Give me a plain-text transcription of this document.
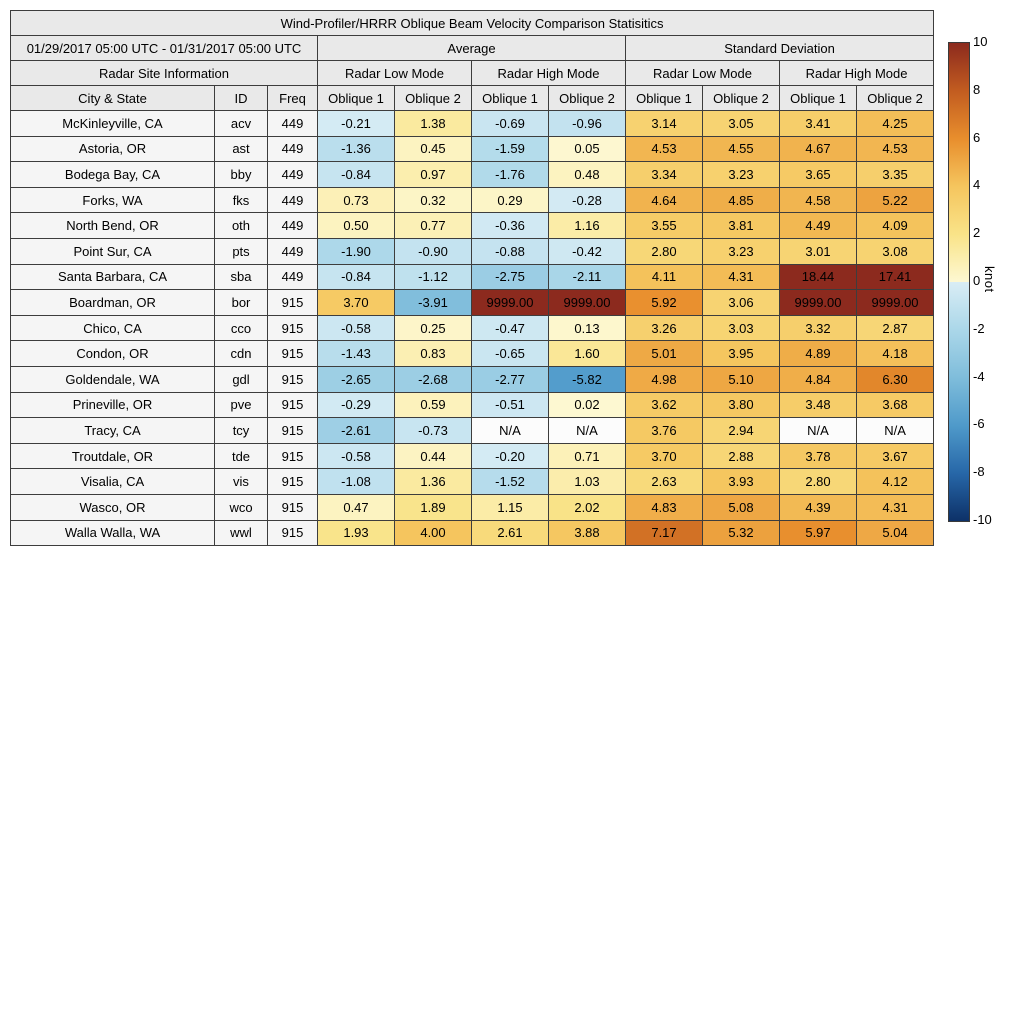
Wind-Profiler/HRRR Oblique Beam Velocity Comparison Statisitics										
01/29/2017 05:00 UTC - 01/31/2017 05:00 UTC			Average				Standard Deviation			
Radar Site Information			Radar Low Mode		Radar High Mode		Radar Low Mode		Radar High Mode	
City & State	ID	Freq	Oblique 1	Oblique 2	Oblique 1	Oblique 2	Oblique 1	Oblique 2	Oblique 1	Oblique 2
McKinleyville, CA	acv	449	-0.21	1.38	-0.69	-0.96	3.14	3.05	3.41	4.25
Astoria, OR	ast	449	-1.36	0.45	-1.59	0.05	4.53	4.55	4.67	4.53
Bodega Bay, CA	bby	449	-0.84	0.97	-1.76	0.48	3.34	3.23	3.65	3.35
Forks, WA	fks	449	0.73	0.32	0.29	-0.28	4.64	4.85	4.58	5.22
North Bend, OR	oth	449	0.50	0.77	-0.36	1.16	3.55	3.81	4.49	4.09
Point Sur, CA	pts	449	-1.90	-0.90	-0.88	-0.42	2.80	3.23	3.01	3.08
Santa Barbara, CA	sba	449	-0.84	-1.12	-2.75	-2.11	4.11	4.31	18.44	17.41
Boardman, OR	bor	915	3.70	-3.91	9999.00	9999.00	5.92	3.06	9999.00	9999.00
Chico, CA	cco	915	-0.58	0.25	-0.47	0.13	3.26	3.03	3.32	2.87
Condon, OR	cdn	915	-1.43	0.83	-0.65	1.60	5.01	3.95	4.89	4.18
Goldendale, WA	gdl	915	-2.65	-2.68	-2.77	-5.82	4.98	5.10	4.84	6.30
Prineville, OR	pve	915	-0.29	0.59	-0.51	0.02	3.62	3.80	3.48	3.68
Tracy, CA	tcy	915	-2.61	-0.73	N/A	N/A	3.76	2.94	N/A	N/A
Troutdale, OR	tde	915	-0.58	0.44	-0.20	0.71	3.70	2.88	3.78	3.67
Visalia, CA	vis	915	-1.08	1.36	-1.52	1.03	2.63	3.93	2.80	4.12
Wasco, OR	wco	915	0.47	1.89	1.15	2.02	4.83	5.08	4.39	4.31
Walla Walla, WA	wwl	915	1.93	4.00	2.61	3.88	7.17	5.32	5.97	5.04
10
8
6
4
2
0
-2
-4
-6
-8
-10
knot
